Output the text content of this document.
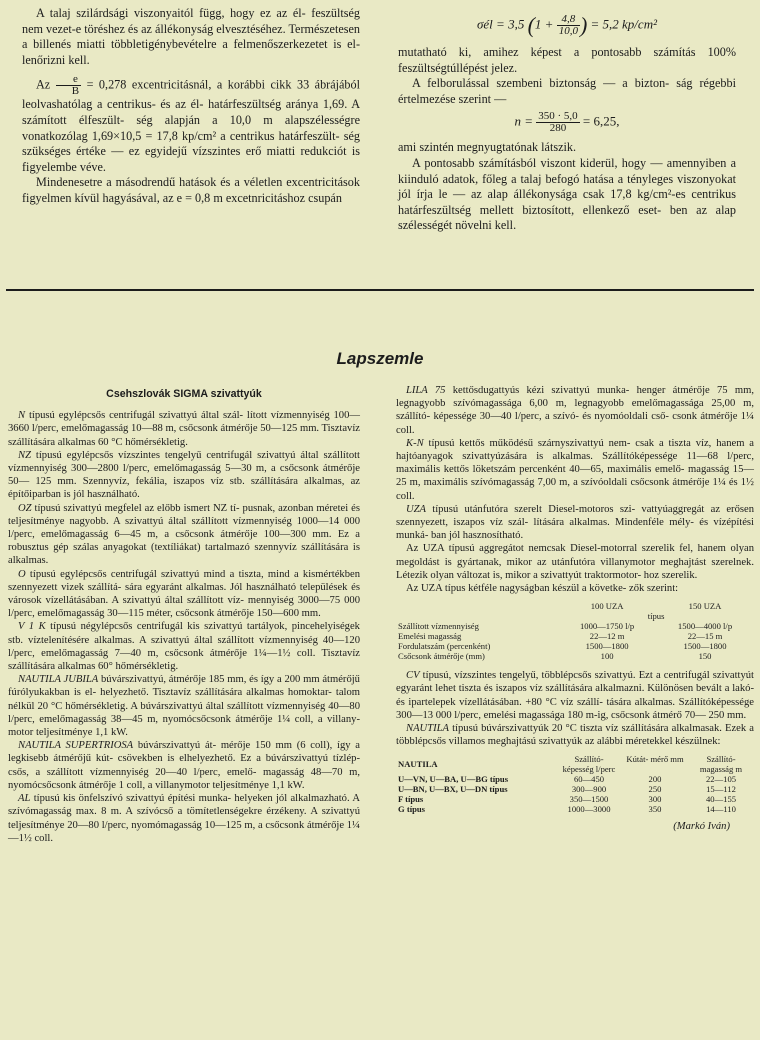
A talaj szilárdsági viszonyaitól függ, hogy ez az él- feszültség nem vezet-e töréshez és az állékonyság elvesztéséhez. Természetesen a billenés miatti többletigénybevételre a felmenőszerkezetet is el- lenőrizni kell.

Az $\frac{e}{B} = 0,278$ excentricitásnál, a korábbi cikk 33 ábrájából leolvashatólag a centrikus- és az él- határfeszültség aránya 1,69. A számított élfeszült- ség alapján a 10,0 m alapszélességre vonatkozólag 1,69×10,5 = 17,8 kp/cm² a centrikus határfeszült- ség szükséges értéke — ez egyidejű vízszintes erő miatti redukciót is figyelembe véve.

Mindenesetre a másodrendű hatások és a véletlen excentricitások figyelmen kívül hagyásával, az e = 0,8 m excetnricitáshoz csupán

σél = 3,5 ($1 + \frac{4,8}{10,0}$ ) = 5,2 kp/cm²

mutatható ki, amihez képest a pontosabb számítás 100% feszültségtúllépést jelez.

A felborulással szembeni biztonság — a bizton- ság régebbi értelmezése szerint —

$n = \frac{350 \cdot 5,0}{280} = 6,25$,

ami szintén megnyugtatónak látszik.

A pontosabb számításból viszont kiderül, hogy — amennyiben a kiinduló adatok, főleg a talaj befogó hatása a tényleges viszonyokat jól írja le — az alap állékonysága csak 17,8 kg/cm²-es centrikus határfeszültség mellett biztosított, ellenkező eset- ben az alap szélességét növelni kell.

Lapszemle
Csehszlovák SIGMA szivattyúk

N típusú egylépcsős centrifugál szivattyú által szál- lított vízmennyiség 100—3660 l/perc, emelőmagasság 10—88 m, csőcsonk átmérője 50—125 mm. Tisztavíz szállítására alkalmas 60 °C hőmérsékletig.

NZ típusú egylépcsős vízszintes tengelyű centrifugál szivattyú által szállított vízmennyiség 300—2800 l/perc, emelőmagasság 5—30 m, a csőcsonk átmérője 50— 125 mm. Szennyvíz, fekália, iszapos víz stb. szállítására alkalmas, az építőiparban is jól használható.

OZ típusú szivattyú megfelel az előbb ismert NZ tí- pusnak, azonban méretei és teljesítménye nagyobb. A szivattyú által szállított vízmennyiség 1000—14 000 l/perc, emelőmagasság 6—45 m, a csőcsonk átmérője 100—300 mm. Ez a robusztus gép szálas anyagokat (textíliákat) tartalmazó szennyvíz szállítására is alkalmas.

O típusú egylépcsős centrifugál szivattyú mind a tiszta, mind a kismértékben szennyezett vizek szállítá- sára egyaránt alkalmas. Jól használható települések és városok vízellátásában. A szivattyú által szállított víz- mennyiség 3000—75 000 l/perc, emelőmagasság 30—115 méter, csőcsonk átmérője 150—600 mm.

V 1 K típusú négylépcsős centrifugál kis szivattyú tartályok, pincehelyiségek stb. víztelenítésére alkalmas. A szivattyú által szállított vízmennyiség 40—120 l/perc, emelőmagasság 7—40 m, csőcsonk átmérője 1¼—1½ coll. Tisztavíz szállítására alkalmas 60° hőmérsékletig.

NAUTILA JUBILA búvárszivattyú, átmérője 185 mm, és így a 200 mm átmérőjű fúrólyukakban is el- helyezhető. Tisztavíz szállítására alkalmas homoktar- talom nélkül 20 °C hőmérsékletig. A búvárszivattyú által szállított vízmennyiség 40—80 l/perc, emelőmagasság 38—45 m, nyomócsőcsonk átmérője 1¼ coll, a villany- motor teljesítménye 1,1 kW.

NAUTILA SUPERTRIOSA búvárszivattyú át- mérője 150 mm (6 coll), így a legkisebb átmérőjű kút- csövekben is elhelyezhető. Ez a búvárszivattyú tízlép- csős, a szállított vízmennyiség 20—40 l/perc, emelő- magasság 48—70 m, nyomócsőcsonk átmérője 1 coll, a villanymotor teljesítménye 1,1 kW.

AL típusú kis önfelszívó szivattyú építési munka- helyeken jól alkalmazható. A szívómagasság max. 8 m. A szívócső a tömítetlenségekre érzékeny. A szivattyú teljesítménye 20—80 l/perc, nyomómagasság 10—125 m, a csőcsonk átmérője 1¼—1½ coll.

LILA 75 kettősdugattyús kézi szivattyú munka- henger átmérője 75 mm, legnagyobb szívómagassága 6,00 m, legnagyobb emelőmagassága 25,00 m, szállító- képessége 30—40 l/perc, a szívó- és nyomóoldali cső- csonk átmérője 1¼ coll.

K-N típusú kettős működésű szárnyszivattyú nem- csak a tiszta víz, hanem a hajtóanyagok szivattyúzására is alkalmas. Szállítóképessége 11—68 l/perc, maximális kettős löketszám percenként 40—65, maximális emelő- magasság 15—25 m, maximális szívómagasság 7,00 m, a szívóoldali csőcsonk átmérője 1¼ és 1½ coll.

UZA típusú utánfutóra szerelt Diesel-motoros szi- vattyúaggregát az erősen szennyezett, iszapos víz szál- lítására alkalmas. Mindenféle mély- és vízépítési munká- ban jól hasznosítható.

Az UZA típusú aggregátot nemcsak Diesel-motorral szerelik fel, hanem olyan megoldást is gyártanak, mikor az utánfutóra villanymotor meghajtást szerelnek. Létezik olyan változat is, mikor a szivattyút traktormotor- hoz szerelik.

Az UZA típus kétféle nagyságban készül a követke- zők szerint:

	100 UZA	150 UZA
	típus	
Szállított vízmennyiség	1000—1750 l/p	1500—4000 l/p
Emelési magasság	22—12 m	22—15 m
Fordulatszám (percenként)	1500—1800	1500—1800
Csőcsonk átmérője (mm)	100	150

CV típusú, vízszintes tengelyű, többlépcsős szivattyú. Ezt a centrifugál szivattyút egyaránt lehet tiszta és iszapos víz szállítására alkalmazni. Különösen bevált a lakó- és ipartelepek vízellátásában. +80 °C víz szállí- tására alkalmas. Szállítóképessége 300—13 000 l/perc, emelési magassága 180 m-ig, csőcsonk átmérő 70— 250 mm.

NAUTILA típusú búvárszivattyúk 20 °C tiszta víz szállítására alkalmasak. Ezek a többlépcsős villamos meghajtású szivattyúk az alábbi méretekkel készülnek:

NAUTILA	Szállító- képesség l/perc	Kútát- mérő mm	Szállító- magasság m
U—VN, U—BA, U—BG típus	60—450	200	22—105
U—BN, U—BX, U—DN típus	300—900	250	15—112
F típus	350—1500	300	40—155
G típus	1000—3000	350	14—110
(Markó Iván)
